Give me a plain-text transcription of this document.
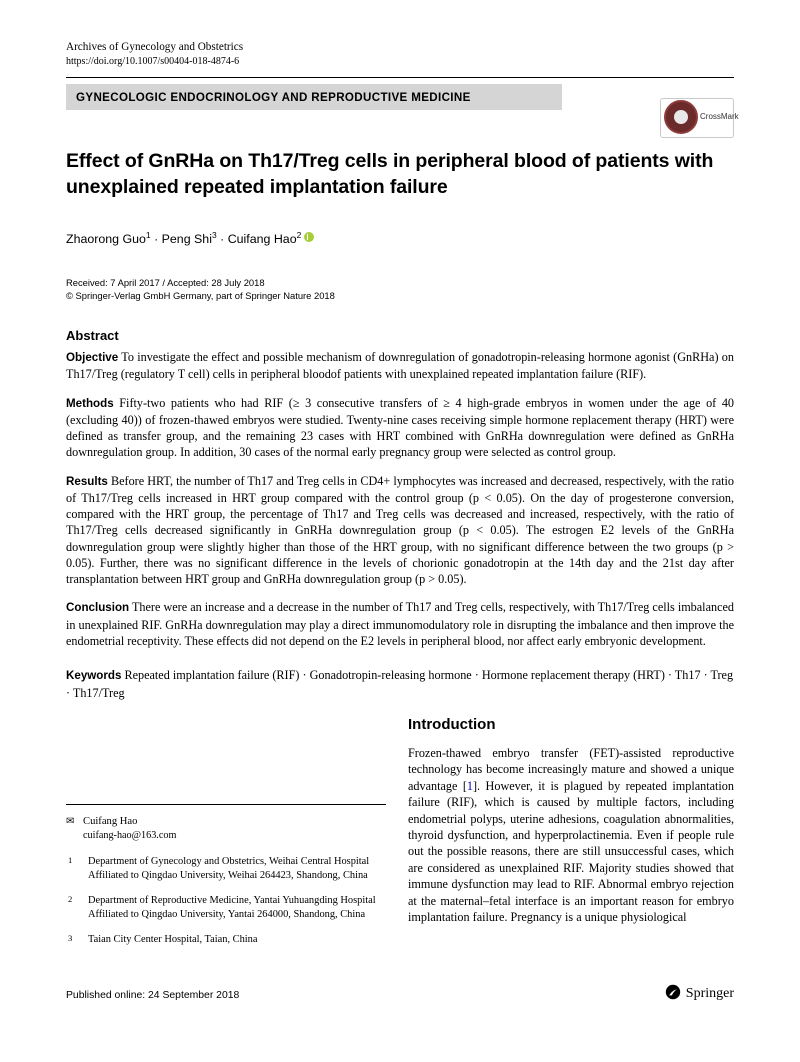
Archives of Gynecology and Obstetrics
https://doi.org/10.1007/s00404-018-4874-6
GYNECOLOGIC ENDOCRINOLOGY AND REPRODUCTIVE MEDICINE
CrossMark
Effect of GnRHa on Th17/Treg cells in peripheral blood of patients with unexplained repeated implantation failure
Zhaorong Guo$^1$ · Peng Shi$^3$ · Cuifang Hao$^2$
Received: 7 April 2017 / Accepted: 28 July 2018
© Springer-Verlag GmbH Germany, part of Springer Nature 2018
Abstract

Objective To investigate the effect and possible mechanism of downregulation of gonadotropin-releasing hormone agonist (GnRHa) on Th17/Treg (regulatory T cell) cells in peripheral bloodof patients with unexplained repeated implantation failure (RIF).

Methods Fifty-two patients who had RIF (≥ 3 consecutive transfers of ≥ 4 high-grade embryos in women under the age of 40 (excluding 40)) of frozen-thawed embryos were studied. Twenty-nine cases receiving simple hormone replacement therapy (HRT) were defined as transfer group, and the remaining 23 cases with HRT combined with GnRHa downregulation were defined as GnRHa downregulation group. In addition, 30 cases of the normal early pregnancy group were selected as control group.

Results Before HRT, the number of Th17 and Treg cells in CD4+ lymphocytes was increased and decreased, respectively, with the ratio of Th17/Treg cells increased in HRT group compared with the control group (p < 0.05). On the day of progesterone conversion, compared with the HRT group, the percentage of Th17 and Treg cells was decreased and increased, respectively, with the ratio of Th17/Treg cells decreased significantly in GnRHa downregulation group (p < 0.05). The estrogen E2 levels of the GnRHa downregulation group were slightly higher than those of the HRT group, with no significant difference between the two groups (p > 0.05). Further, there was no significant difference in the levels of chorionic gonadotropin at the 14th day and the 21st day after transplantation between HRT group and GnRHa downregulation group (p > 0.05).

Conclusion There were an increase and a decrease in the number of Th17 and Treg cells, respectively, with Th17/Treg cells imbalanced in unexplained RIF. GnRHa downregulation may play a direct immunomodulatory role in disrupting the imbalance and then improve the endometrial receptivity. These effects did not depend on the E2 levels in peripheral blood, nor affect early embryonic development.

Keywords Repeated implantation failure (RIF) · Gonadotropin-releasing hormone · Hormone replacement therapy (HRT) · Th17 · Treg · Th17/Treg

✉ Cuifang Hao
cuifang-hao@163.com
1 Department of Gynecology and Obstetrics, Weihai Central Hospital Affiliated to Qingdao University, Weihai 264423, Shandong, China
2 Department of Reproductive Medicine, Yantai Yuhuangding Hospital Affiliated to Qingdao University, Yantai 264000, Shandong, China
3 Taian City Center Hospital, Taian, China
Introduction

Frozen-thawed embryo transfer (FET)-assisted reproductive technology has become increasingly mature and showed a unique advantage [1]. However, it is plagued by repeated implantation failure (RIF), which is caused by multiple factors, including endometrial polyps, uterine adhesions, coagulation abnormalities, thyroid dysfunction, and hyperprolactinemia. Even if people rule out the possible reasons, there are still unsuccessful cases, which are considered as unexplained RIF. Majority studies showed that immune dysfunction may lead to RIF. Abnormal embryo rejection at the maternal–fetal interface is an important reason for embryo implantation failure. Pregnancy is a unique physiological

Published online: 24 September 2018	Springer
